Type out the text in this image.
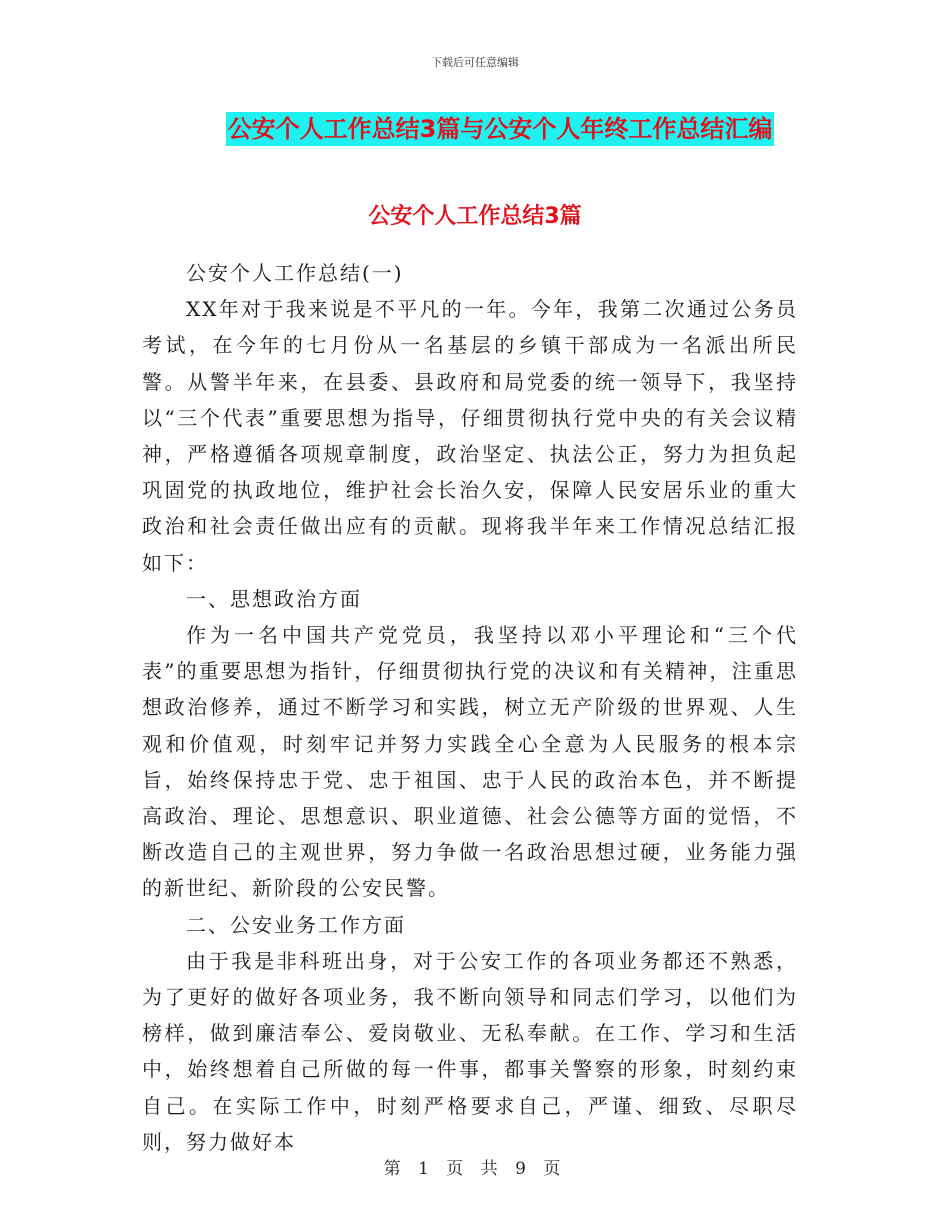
下载后可任意编辑
公安个人工作总结3篇与公安个人年终工作总结汇编
公安个人工作总结3篇

公安个人工作总结(一)

XX年对于我来说是不平凡的一年。今年，我第二次通过公务员考试，在今年的七月份从一名基层的乡镇干部成为一名派出所民警。从警半年来，在县委、县政府和局党委的统一领导下，我坚持以“三个代表”重要思想为指导，仔细贯彻执行党中央的有关会议精神，严格遵循各项规章制度，政治坚定、执法公正，努力为担负起巩固党的执政地位，维护社会长治久安，保障人民安居乐业的重大政治和社会责任做出应有的贡献。现将我半年来工作情况总结汇报如下：

一、思想政治方面

作为一名中国共产党党员，我坚持以邓小平理论和“三个代表”的重要思想为指针，仔细贯彻执行党的决议和有关精神，注重思想政治修养，通过不断学习和实践，树立无产阶级的世界观、人生观和价值观，时刻牢记并努力实践全心全意为人民服务的根本宗旨，始终保持忠于党、忠于祖国、忠于人民的政治本色，并不断提高政治、理论、思想意识、职业道德、社会公德等方面的觉悟，不断改造自己的主观世界，努力争做一名政治思想过硬，业务能力强的新世纪、新阶段的公安民警。

二、公安业务工作方面

由于我是非科班出身，对于公安工作的各项业务都还不熟悉，为了更好的做好各项业务，我不断向领导和同志们学习，以他们为榜样，做到廉洁奉公、爱岗敬业、无私奉献。在工作、学习和生活中，始终想着自己所做的每一件事，都事关警察的形象，时刻约束自己。在实际工作中，时刻严格要求自己，严谨、细致、尽职尽则，努力做好本

第 1 页 共 9 页
